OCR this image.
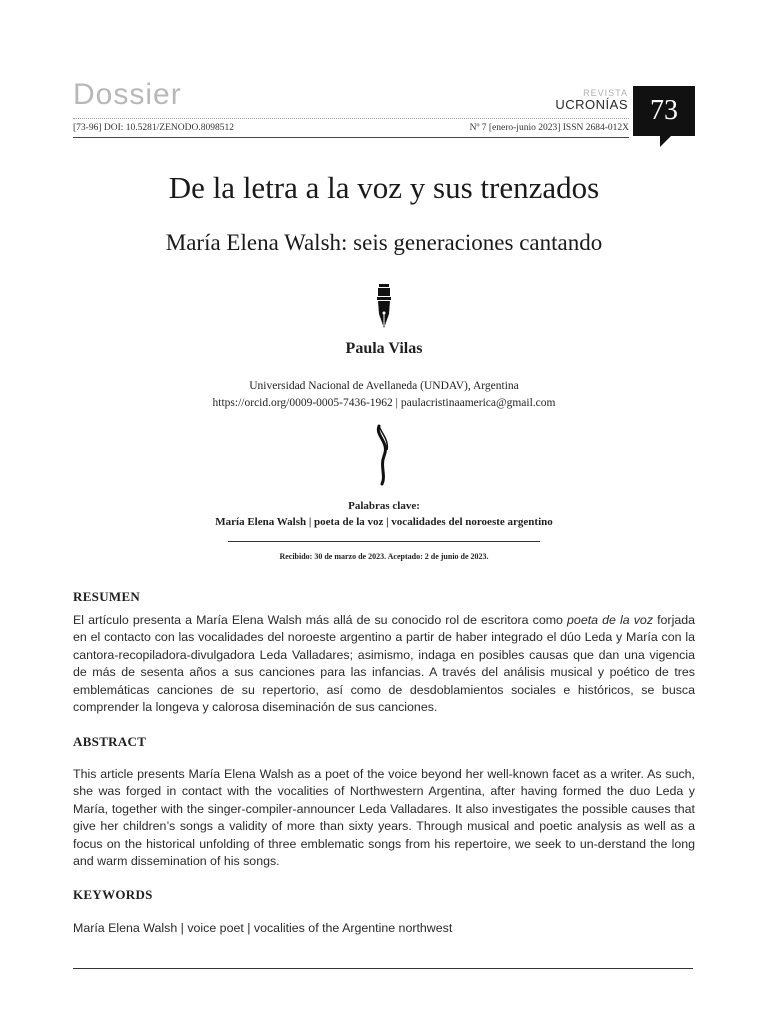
Dossier	REVISTA
UCRONÍAS 73
[73-96] DOI: 10.5281/ZENODO.8098512	Nº 7 [enero-junio 2023] ISSN 2684-012X
De la letra a la voz y sus trenzados
María Elena Walsh: seis generaciones cantando
Paula Vilas
Universidad Nacional de Avellaneda (UNDAV), Argentina
https://orcid.org/0009-0005-7436-1962 | paulacristinaamerica@gmail.com
Palabras clave:
María Elena Walsh | poeta de la voz | vocalidades del noroeste argentino
Recibido: 30 de marzo de 2023. Aceptado: 2 de junio de 2023.
RESUMEN
El artículo presenta a María Elena Walsh más allá de su conocido rol de escritora como poeta de la voz forjada en el contacto con las vocalidades del noroeste argentino a partir de haber integrado el dúo Leda y María con la cantora-recopiladora-divulgadora Leda Valladares; asimismo, indaga en posibles causas que dan una vigencia de más de sesenta años a sus canciones para las infancias. A través del análisis musical y poético de tres emblemáticas canciones de su repertorio, así como de desdoblamientos sociales e históricos, se busca comprender la longeva y calorosa diseminación de sus canciones.
ABSTRACT
This article presents María Elena Walsh as a poet of the voice beyond her well-known facet as a writer. As such, she was forged in contact with the vocalities of Northwestern Argentina, after having formed the duo Leda y María, together with the singer-compiler-announcer Leda Valladares. It also investigates the possible causes that give her children’s songs a validity of more than sixty years. Through musical and poetic analysis as well as a focus on the historical unfolding of three emblematic songs from his repertoire, we seek to un-derstand the long and warm dissemination of his songs.
KEYWORDS
María Elena Walsh | voice poet | vocalities of the Argentine northwest
